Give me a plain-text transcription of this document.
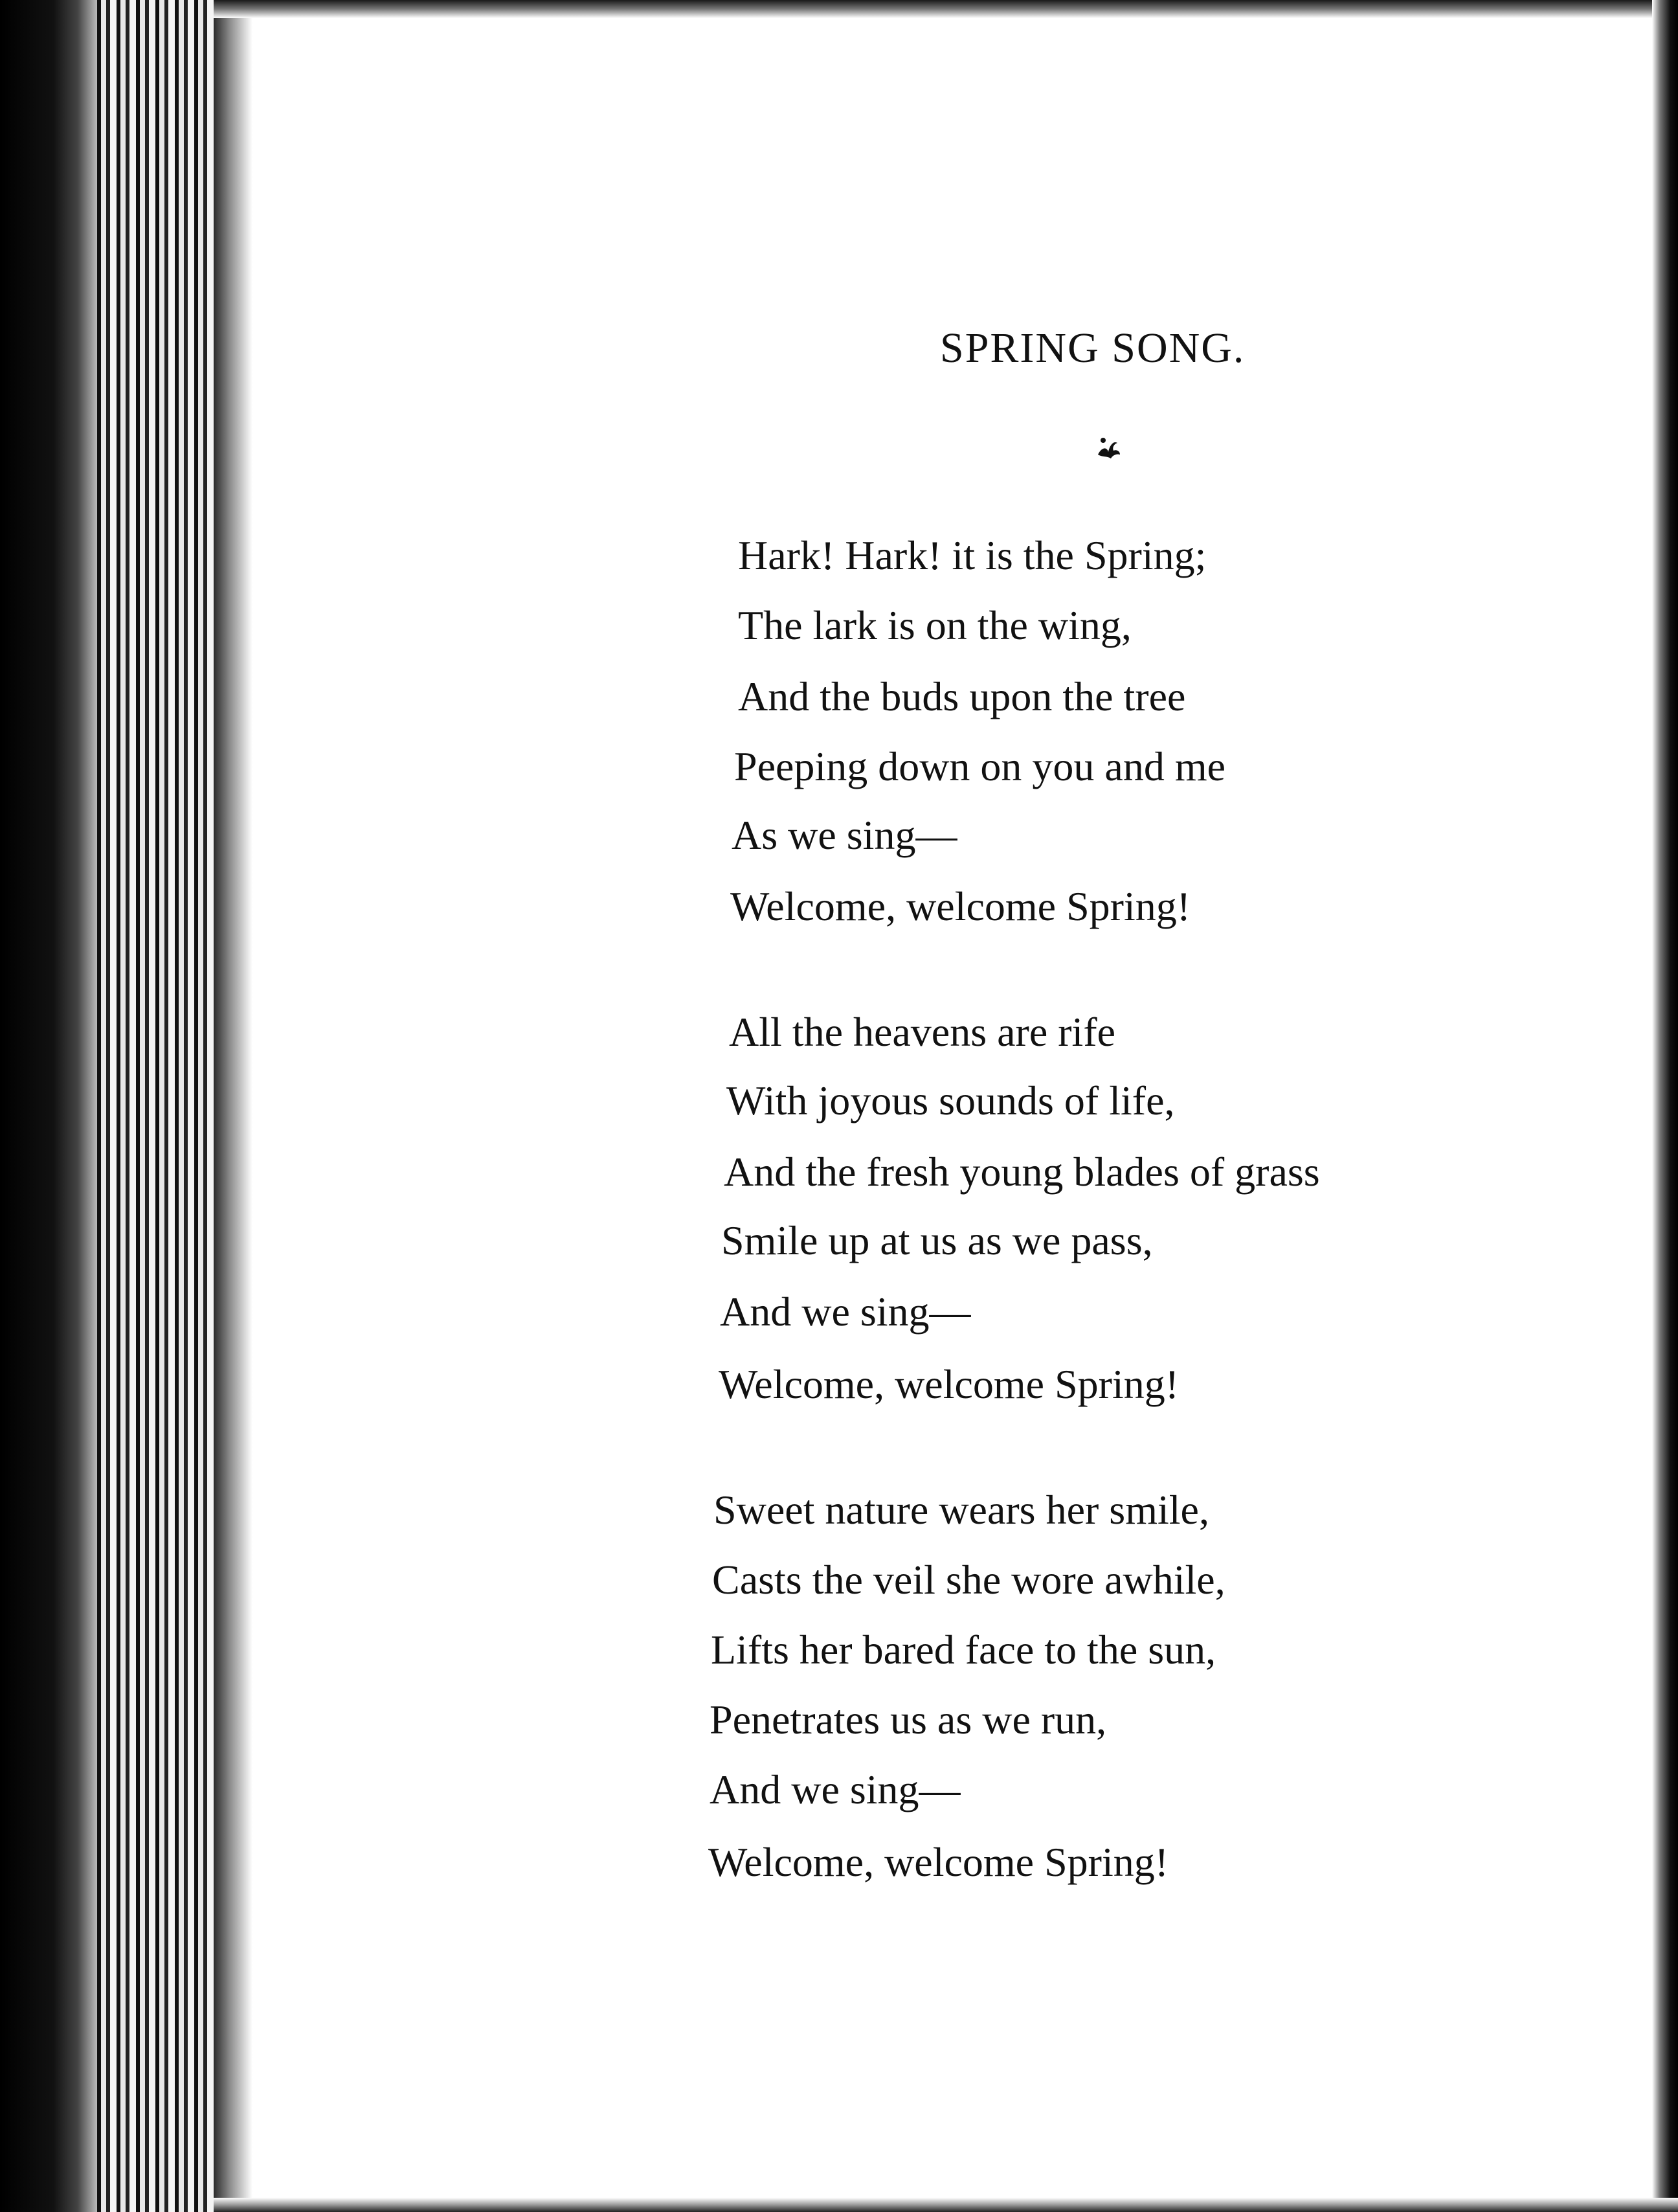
SPRING SONG.
Hark! Hark! it is the Spring;
The lark is on the wing,
And the buds upon the tree
Peeping down on you and me
As we sing—
Welcome, welcome Spring!
All the heavens are rife
With joyous sounds of life,
And the fresh young blades of grass
Smile up at us as we pass,
And we sing—
Welcome, welcome Spring!
Sweet nature wears her smile,
Casts the veil she wore awhile,
Lifts her bared face to the sun,
Penetrates us as we run,
And we sing—
Welcome, welcome Spring!
